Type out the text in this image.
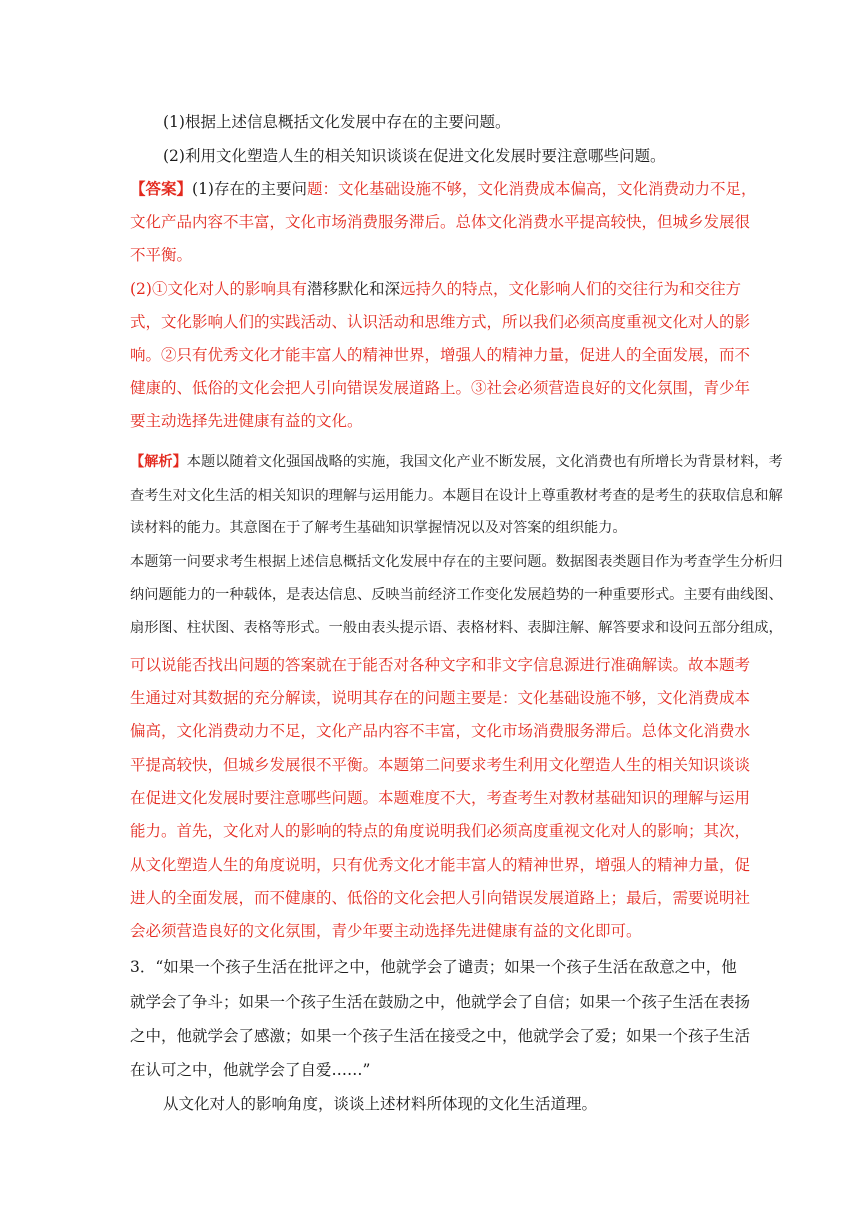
(1)根据上述信息概括文化发展中存在的主要问题。
(2)利用文化塑造人生的相关知识谈谈在促进文化发展时要注意哪些问题。
【答案】(1)存在的主要问题：文化基础设施不够，文化消费成本偏高，文化消费动力不足，
文化产品内容不丰富，文化市场消费服务滞后。总体文化消费水平提高较快，但城乡发展很
不平衡。
(2)①文化对人的影响具有潜移默化和深远持久的特点，文化影响人们的交往行为和交往方
式，文化影响人们的实践活动、认识活动和思维方式，所以我们必须高度重视文化对人的影
响。②只有优秀文化才能丰富人的精神世界，增强人的精神力量，促进人的全面发展，而不
健康的、低俗的文化会把人引向错误发展道路上。③社会必须营造良好的文化氛围，青少年
要主动选择先进健康有益的文化。
【解析】本题以随着文化强国战略的实施，我国文化产业不断发展，文化消费也有所增长为背景材料，考
查考生对文化生活的相关知识的理解与运用能力。本题目在设计上尊重教材考查的是考生的获取信息和解
读材料的能力。其意图在于了解考生基础知识掌握情况以及对答案的组织能力。
本题第一问要求考生根据上述信息概括文化发展中存在的主要问题。数据图表类题目作为考查学生分析归
纳问题能力的一种载体，是表达信息、反映当前经济工作变化发展趋势的一种重要形式。主要有曲线图、
扇形图、柱状图、表格等形式。一般由表头提示语、表格材料、表脚注解、解答要求和设问五部分组成，
可以说能否找出问题的答案就在于能否对各种文字和非文字信息源进行准确解读。故本题考
生通过对其数据的充分解读，说明其存在的问题主要是：文化基础设施不够，文化消费成本
偏高，文化消费动力不足，文化产品内容不丰富，文化市场消费服务滞后。总体文化消费水
平提高较快，但城乡发展很不平衡。本题第二问要求考生利用文化塑造人生的相关知识谈谈
在促进文化发展时要注意哪些问题。本题难度不大，考查考生对教材基础知识的理解与运用
能力。首先，文化对人的影响的特点的角度说明我们必须高度重视文化对人的影响；其次，
从文化塑造人生的角度说明，只有优秀文化才能丰富人的精神世界，增强人的精神力量，促
进人的全面发展，而不健康的、低俗的文化会把人引向错误发展道路上；最后，需要说明社
会必须营造良好的文化氛围，青少年要主动选择先进健康有益的文化即可。
3．“如果一个孩子生活在批评之中，他就学会了谴责；如果一个孩子生活在敌意之中，他
就学会了争斗；如果一个孩子生活在鼓励之中，他就学会了自信；如果一个孩子生活在表扬
之中，他就学会了感激；如果一个孩子生活在接受之中，他就学会了爱；如果一个孩子生活
在认可之中，他就学会了自爱……”
从文化对人的影响角度，谈谈上述材料所体现的文化生活道理。
